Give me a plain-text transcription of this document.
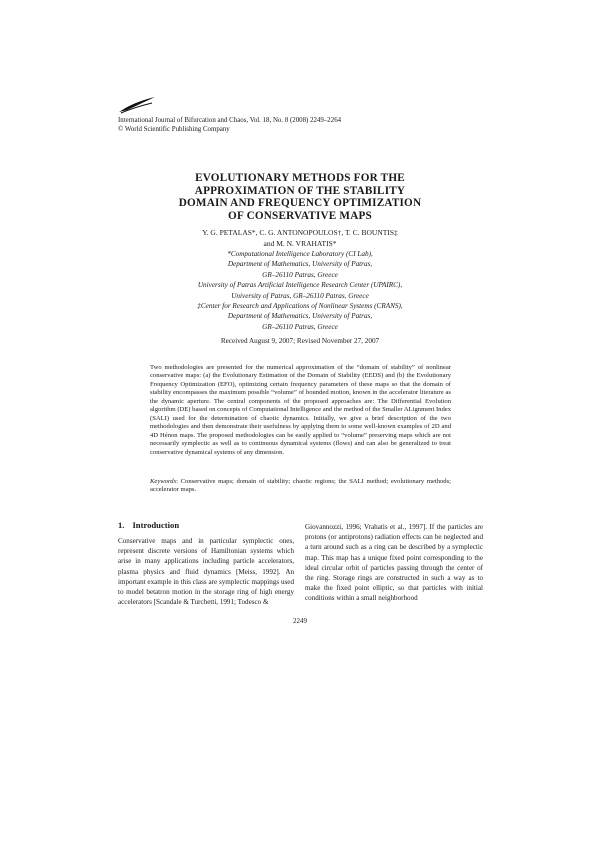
International Journal of Bifurcation and Chaos, Vol. 18, No. 8 (2008) 2249–2264
© World Scientific Publishing Company
EVOLUTIONARY METHODS FOR THE
APPROXIMATION OF THE STABILITY
DOMAIN AND FREQUENCY OPTIMIZATION
OF CONSERVATIVE MAPS
Y. G. PETALAS*, C. G. ANTONOPOULOS†, T. C. BOUNTIS‡
and M. N. VRAHATIS*
*Computational Intelligence Laboratory (CI Lab),
Department of Mathematics, University of Patras,
GR–26110 Patras, Greece
University of Patras Artificial Intelligence Research Center (UPAIRC),
University of Patras, GR–26110 Patras, Greece
‡Center for Research and Applications of Nonlinear Systems (CRANS),
Department of Mathematics, University of Patras,
GR–26110 Patras, Greece
Received August 9, 2007; Revised November 27, 2007
Two methodologies are presented for the numerical approximation of the “domain of stability” of nonlinear conservative maps: (a) the Evolutionary Estimation of the Domain of Stability (EEDS) and (b) the Evolutionary Frequency Optimization (EFO), optimizing certain frequency parameters of these maps so that the domain of stability encompasses the maximum possible “volume” of bounded motion, known in the accelerator literature as the dynamic aperture. The central components of the proposed approaches are: The Differential Evolution algorithm (DE) based on concepts of Computational Intelligence and the method of the Smaller ALignment Index (SALI) used for the determination of chaotic dynamics. Initially, we give a brief description of the two methodologies and then demonstrate their usefulness by applying them to some well-known examples of 2D and 4D Hénon maps. The proposed methodologies can be easily applied to “volume” preserving maps which are not necessarily symplectic as well as to continuous dynamical systems (flows) and can also be generalized to treat conservative dynamical systems of any dimension.
Keywords: Conservative maps; domain of stability; chaotic regions; the SALI method; evolutionary methods; accelerator maps.
1. Introduction
Conservative maps and in particular symplectic ones, represent discrete versions of Hamiltonian systems which arise in many applications including particle accelerators, plasma physics and fluid dynamics [Meiss, 1992]. An important example in this class are symplectic mappings used to model betatron motion in the storage ring of high energy accelerators [Scandale & Turchetti, 1991; Todesco &
Giovannozzi, 1996; Vrahatis et al., 1997]. If the particles are protons (or antiprotons) radiation effects can be neglected and a turn around such as a ring can be described by a symplectic map. This map has a unique fixed point corresponding to the ideal circular orbit of particles passing through the center of the ring. Storage rings are constructed in such a way as to make the fixed point elliptic, so that particles with initial conditions within a small neighborhood
2249
